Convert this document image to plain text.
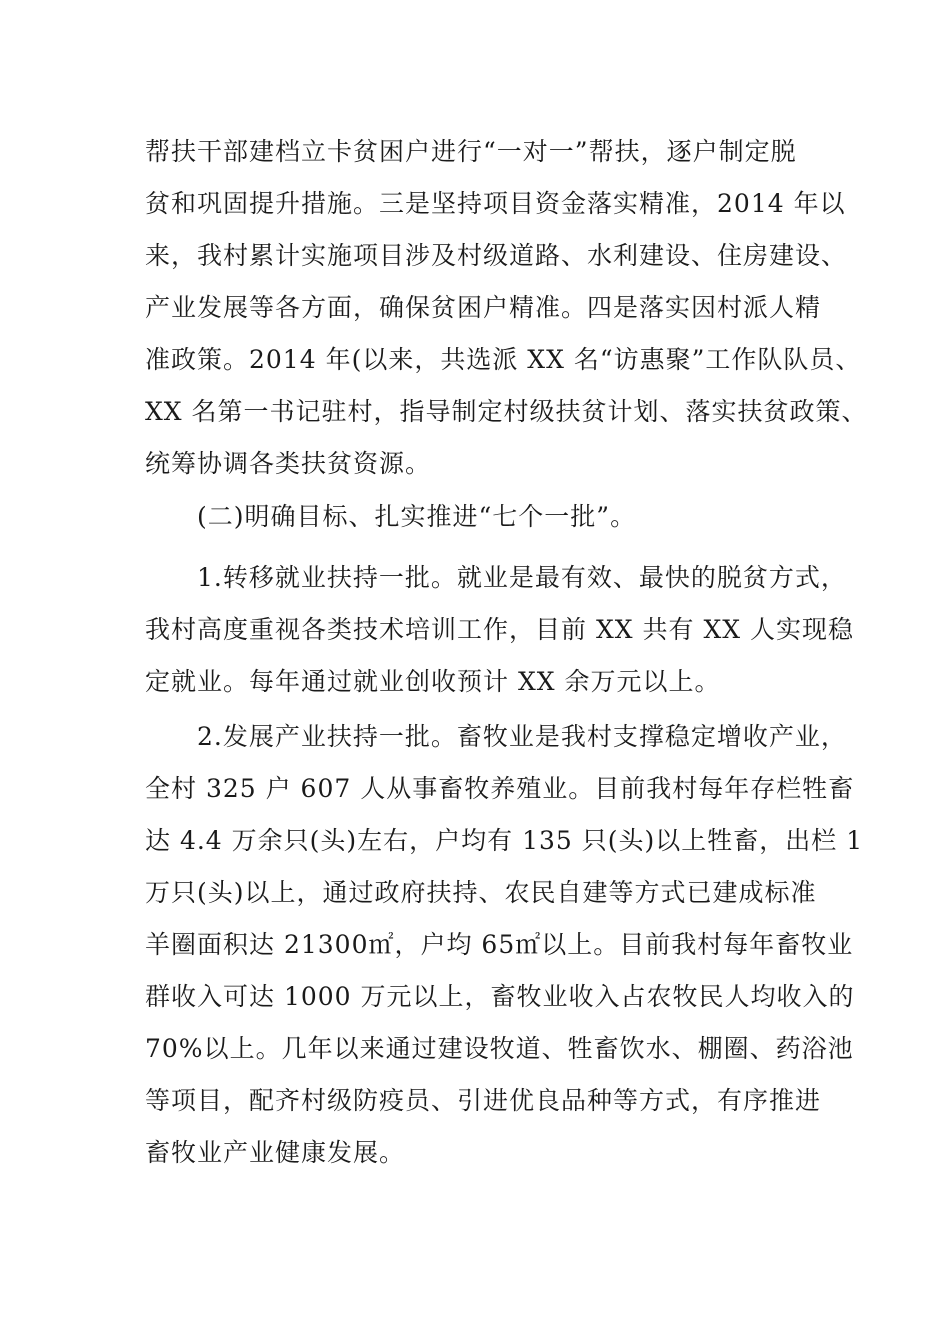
帮扶干部建档立卡贫困户进行“一对一”帮扶，逐户制定脱
贫和巩固提升措施。三是坚持项目资金落实精准，2014 年以
来，我村累计实施项目涉及村级道路、水利建设、住房建设、
产业发展等各方面，确保贫困户精准。四是落实因村派人精
准政策。2014 年(以来，共选派 XX 名“访惠聚”工作队队员、
XX 名第一书记驻村，指导制定村级扶贫计划、落实扶贫政策、
统筹协调各类扶贫资源。
(二)明确目标、扎实推进“七个一批”。
1.转移就业扶持一批。就业是最有效、最快的脱贫方式，
我村高度重视各类技术培训工作，目前 XX 共有 XX 人实现稳
定就业。每年通过就业创收预计 XX 余万元以上。
2.发展产业扶持一批。畜牧业是我村支撑稳定增收产业，
全村 325 户 607 人从事畜牧养殖业。目前我村每年存栏牲畜
达 4.4 万余只(头)左右，户均有 135 只(头)以上牲畜，出栏 1
万只(头)以上，通过政府扶持、农民自建等方式已建成标准
羊圈面积达 21300㎡，户均 65㎡以上。目前我村每年畜牧业
群收入可达 1000 万元以上，畜牧业收入占农牧民人均收入的
70%以上。几年以来通过建设牧道、牲畜饮水、棚圈、药浴池
等项目，配齐村级防疫员、引进优良品种等方式，有序推进
畜牧业产业健康发展。
